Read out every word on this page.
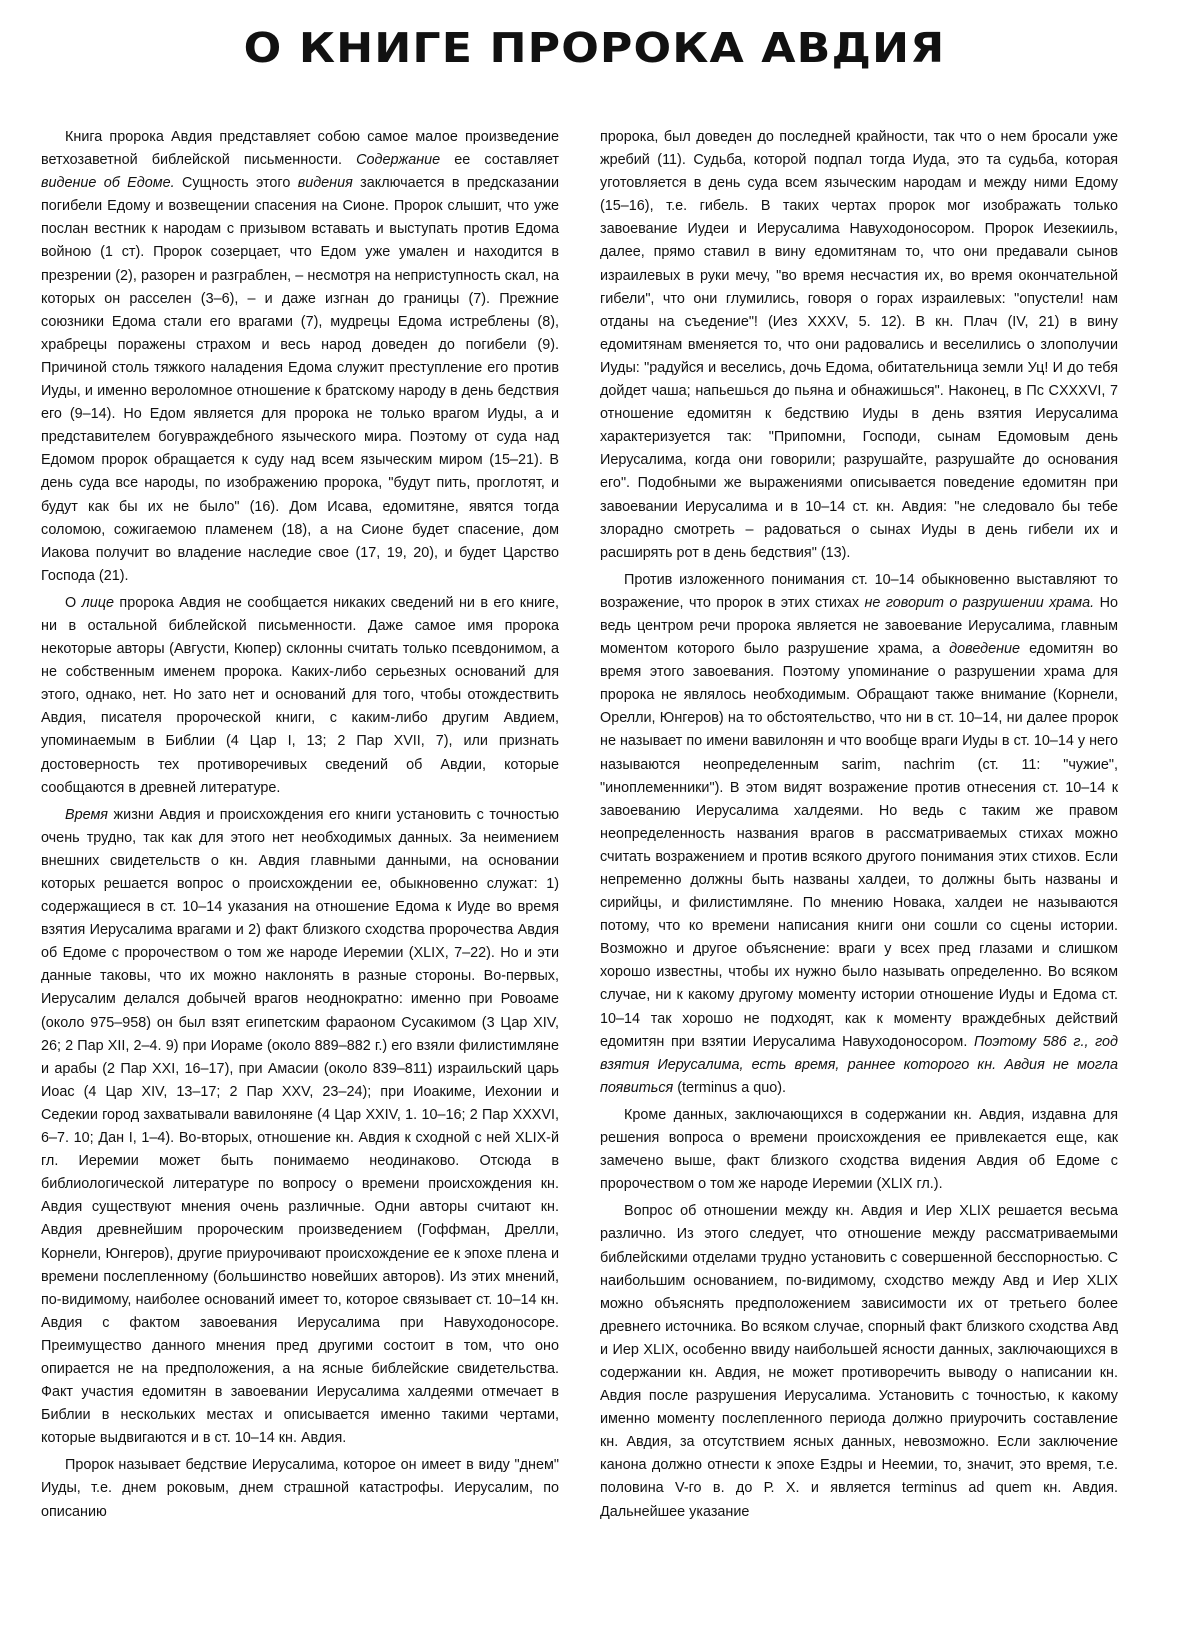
О КНИГЕ ПРОРОКА АВДИЯ

Книга пророка Авдия представляет собою самое малое произведение ветхозаветной библейской письменности. Содержание ее составляет видение об Едоме. Сущность этого видения заключается в предсказании погибели Едому и возвещении спасения на Сионе. Пророк слышит, что уже послан вестник к народам с призывом вставать и выступать против Едома войною (1 ст). Пророк созерцает, что Едом уже умален и находится в презрении (2), разорен и разграблен, – несмотря на неприступность скал, на которых он расселен (3–6), – и даже изгнан до границы (7). Прежние союзники Едома стали его врагами (7), мудрецы Едома истреблены (8), храбрецы поражены страхом и весь народ доведен до погибели (9). Причиной столь тяжкого наладения Едома служит преступление его против Иуды, и именно вероломное отношение к братскому народу в день бедствия его (9–14). Но Едом является для пророка не только врагом Иуды, а и представителем богувраждебного языческого мира. Поэтому от суда над Едомом пророк обращается к суду над всем языческим миром (15–21). В день суда все народы, по изображению пророка, "будут пить, проглотят, и будут как бы их не было" (16). Дом Исава, едомитяне, явятся тогда соломою, сожигаемою пламенем (18), а на Сионе будет спасение, дом Иакова получит во владение наследие свое (17, 19, 20), и будет Царство Господа (21).

О лице пророка Авдия не сообщается никаких сведений ни в его книге, ни в остальной библейской письменности. Даже самое имя пророка некоторые авторы (Августи, Кюпер) склонны считать только псевдонимом, а не собственным именем пророка. Каких-либо серьезных оснований для этого, однако, нет. Но зато нет и оснований для того, чтобы отождествить Авдия, писателя пророческой книги, с каким-либо другим Авдием, упоминаемым в Библии (4 Цар I, 13; 2 Пар XVII, 7), или признать достоверность тех противоречивых сведений об Авдии, которые сообщаются в древней литературе.

Время жизни Авдия и происхождения его книги установить с точностью очень трудно, так как для этого нет необходимых данных. За неимением внешних свидетельств о кн. Авдия главными данными, на основании которых решается вопрос о происхождении ее, обыкновенно служат: 1) содержащиеся в ст. 10–14 указания на отношение Едома к Иуде во время взятия Иерусалима врагами и 2) факт близкого сходства пророчества Авдия об Едоме с пророчеством о том же народе Иеремии (XLIX, 7–22). Но и эти данные таковы, что их можно наклонять в разные стороны. Во-первых, Иерусалим делался добычей врагов неоднократно: именно при Ровоаме (около 975–958) он был взят египетским фараоном Сусакимом (3 Цар XIV, 26; 2 Пар XII, 2–4. 9) при Иораме (около 889–882 г.) его взяли филистимляне и арабы (2 Пар XXI, 16–17), при Амасии (около 839–811) израильский царь Иоас (4 Цар XIV, 13–17; 2 Пар XXV, 23–24); при Иоакиме, Иехонии и Седекии город захватывали вавилоняне (4 Цар XXIV, 1. 10–16; 2 Пар XXXVI, 6–7. 10; Дан I, 1–4). Во-вторых, отношение кн. Авдия к сходной с ней XLIX-й гл. Иеремии может быть понимаемо неодинаково. Отсюда в библиологической литературе по вопросу о времени происхождения кн. Авдия существуют мнения очень различные. Одни авторы считают кн. Авдия древнейшим пророческим произведением (Гоффман, Дрелли, Корнели, Юнгеров), другие приурочивают происхождение ее к эпохе плена и времени послепленному (большинство новейших авторов). Из этих мнений, по-видимому, наиболее оснований имеет то, которое связывает ст. 10–14 кн. Авдия с фактом завоевания Иерусалима при Навуходоносоре. Преимущество данного мнения пред другими состоит в том, что оно опирается не на предположения, а на ясные библейские свидетельства. Факт участия едомитян в завоевании Иерусалима халдеями отмечает в Библии в нескольких местах и описывается именно такими чертами, которые выдвигаются и в ст. 10–14 кн. Авдия.

Пророк называет бедствие Иерусалима, которое он имеет в виду "днем" Иуды, т.е. днем роковым, днем страшной катастрофы. Иерусалим, по описанию

пророка, был доведен до последней крайности, так что о нем бросали уже жребий (11). Судьба, которой подпал тогда Иуда, это та судьба, которая уготовляется в день суда всем языческим народам и между ними Едому (15–16), т.е. гибель. В таких чертах пророк мог изображать только завоевание Иудеи и Иерусалима Навуходоносором. Пророк Иезекииль, далее, прямо ставил в вину едомитянам то, что они предавали сынов израилевых в руки мечу, "во время несчастия их, во время окончательной гибели", что они глумились, говоря о горах израилевых: "опустели! нам отданы на съедение"! (Иез XXXV, 5. 12). В кн. Плач (IV, 21) в вину едомитянам вменяется то, что они радовались и веселились о злополучии Иуды: "радуйся и веселись, дочь Едома, обитательница земли Уц! И до тебя дойдет чаша; напьешься до пьяна и обнажишься". Наконец, в Пс CXXXVI, 7 отношение едомитян к бедствию Иуды в день взятия Иерусалима характеризуется так: "Припомни, Господи, сынам Едомовым день Иерусалима, когда они говорили; разрушайте, разрушайте до основания его". Подобными же выражениями описывается поведение едомитян при завоевании Иерусалима и в 10–14 ст. кн. Авдия: "не следовало бы тебе злорадно смотреть – радоваться о сынах Иуды в день гибели их и расширять рот в день бедствия" (13).

Против изложенного понимания ст. 10–14 обыкновенно выставляют то возражение, что пророк в этих стихах не говорит о разрушении храма. Но ведь центром речи пророка является не завоевание Иерусалима, главным моментом которого было разрушение храма, а доведение едомитян во время этого завоевания. Поэтому упоминание о разрушении храма для пророка не являлось необходимым. Обращают также внимание (Корнели, Орелли, Юнгеров) на то обстоятельство, что ни в ст. 10–14, ни далее пророк не называет по имени вавилонян и что вообще враги Иуды в ст. 10–14 у него называются неопределенным sarim, nachrim (ст. 11: "чужие", "иноплеменники"). В этом видят возражение против отнесения ст. 10–14 к завоеванию Иерусалима халдеями. Но ведь с таким же правом неопределенность названия врагов в рассматриваемых стихах можно считать возражением и против всякого другого понимания этих стихов. Если непременно должны быть названы халдеи, то должны быть названы и сирийцы, и филистимляне. По мнению Новака, халдеи не называются потому, что ко времени написания книги они сошли со сцены истории. Возможно и другое объяснение: враги у всех пред глазами и слишком хорошо известны, чтобы их нужно было называть определенно. Во всяком случае, ни к какому другому моменту истории отношение Иуды и Едома ст. 10–14 так хорошо не подходят, как к моменту враждебных действий едомитян при взятии Иерусалима Навуходоносором. Поэтому 586 г., год взятия Иерусалима, есть время, раннее которого кн. Авдия не могла появиться (terminus a quo).

Кроме данных, заключающихся в содержании кн. Авдия, издавна для решения вопроса о времени происхождения ее привлекается еще, как замечено выше, факт близкого сходства видения Авдия об Едоме с пророчеством о том же народе Иеремии (XLIX гл.).

Вопрос об отношении между кн. Авдия и Иер XLIX решается весьма различно. Из этого следует, что отношение между рассматриваемыми библейскими отделами трудно установить с совершенной бесспорностью. С наибольшим основанием, по-видимому, сходство между Авд и Иер XLIX можно объяснять предположением зависимости их от третьего более древнего источника. Во всяком случае, спорный факт близкого сходства Авд и Иер XLIX, особенно ввиду наибольшей ясности данных, заключающихся в содержании кн. Авдия, не может противоречить выводу о написании кн. Авдия после разрушения Иерусалима. Установить с точностью, к какому именно моменту послепленного периода должно приурочить составление кн. Авдия, за отсутствием ясных данных, невозможно. Если заключение канона должно отнести к эпохе Ездры и Неемии, то, значит, это время, т.е. половина V-го в. до Р. Х. и является terminus ad quem кн. Авдия. Дальнейшее указание
